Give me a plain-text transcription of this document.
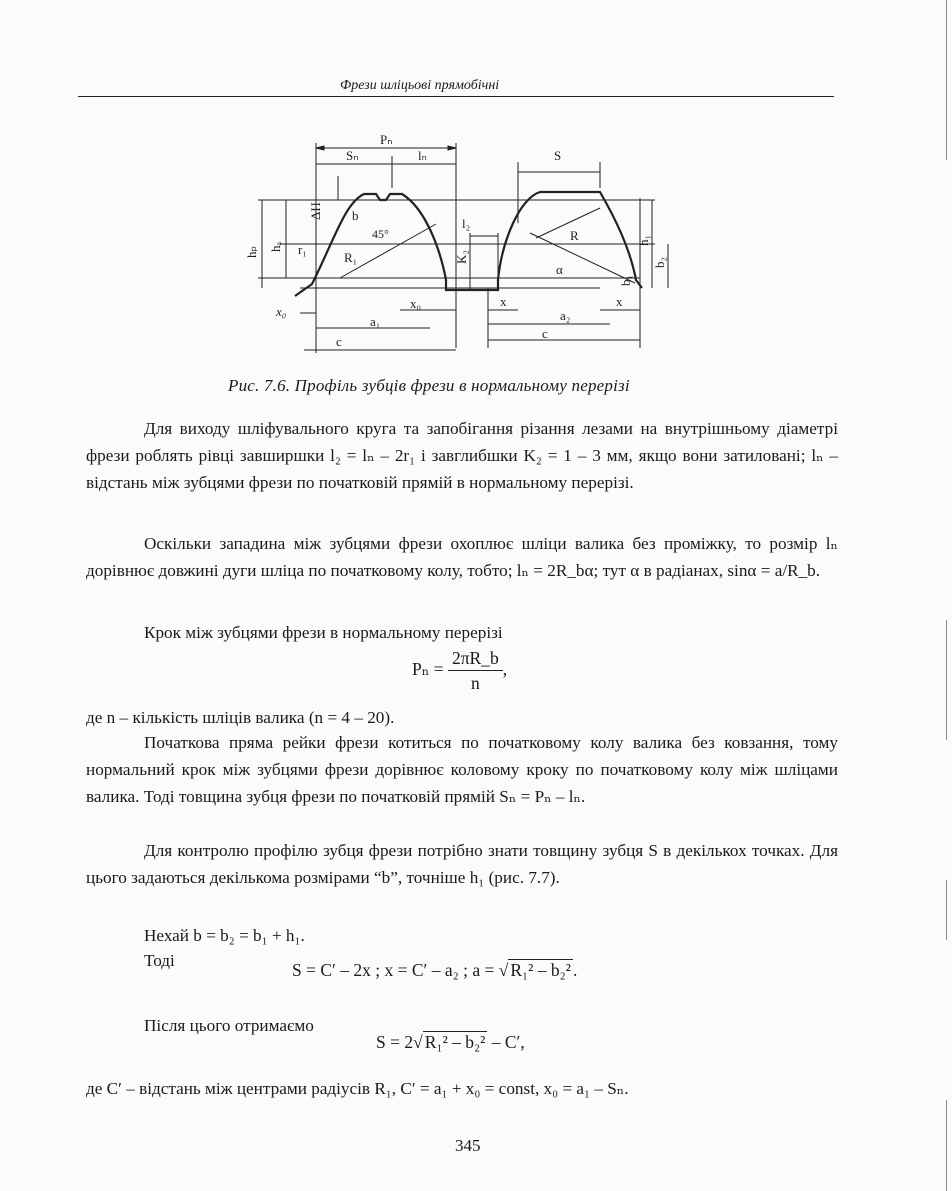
Фрези шліцьові прямобічні
Pₙ
Sₙ	lₙ	S
ΔH b
45°
hₚ hₐ r₁
R₁
l₂
K₂
R
α
h₁
b₂
b₁
x₀
x₀	x	x
a₁	a₂
c
c
Рис. 7.6. Профіль зубців фрези в нормальному перерізі

Для виходу шліфувального круга та запобігання різання лезами на внутрішньому діаметрі фрези роблять рівці завширшки l₂ = lₙ – 2r₁ і завглибшки K₂ = 1 – 3 мм, якщо вони затиловані; lₙ – відстань між зубцями фрези по початковій прямій в нормальному перерізі.

Оскільки западина між зубцями фрези охоплює шліци валика без проміжку, то розмір lₙ дорівнює довжині дуги шліца по початковому колу, тобто; lₙ = 2R_bα; тут α в радіанах, sinα = a/R_b.

Крок між зубцями фрези в нормальному перерізі

$P_n = \frac{2\pi R\_b}{n}$ ,

де n – кількість шліців валика (n = 4 – 20).

Початкова пряма рейки фрези котиться по початковому колу валика без ковзання, тому нормальний крок між зубцями фрези дорівнює коловому кроку по початковому колу між шліцами валика. Тоді товщина зубця фрези по початковій прямій Sₙ = Pₙ – lₙ.

Для контролю профілю зубця фрези потрібно знати товщину зубця S в декількох точках. Для цього задаються декількома розмірами “b”, точніше h₁ (рис. 7.7).

Нехай b = b₂ = b₁ + h₁.

Тоді	S = C′ – 2x ; x = C′ – a₂ ; a = √ R₁² – b₂² .

Після цього отримаємо

S = 2√ R₁² – b₂² – C′,

де C′ – відстань між центрами радіусів R₁, C′ = a₁ + x₀ = const, x₀ = a₁ – Sₙ.

345
